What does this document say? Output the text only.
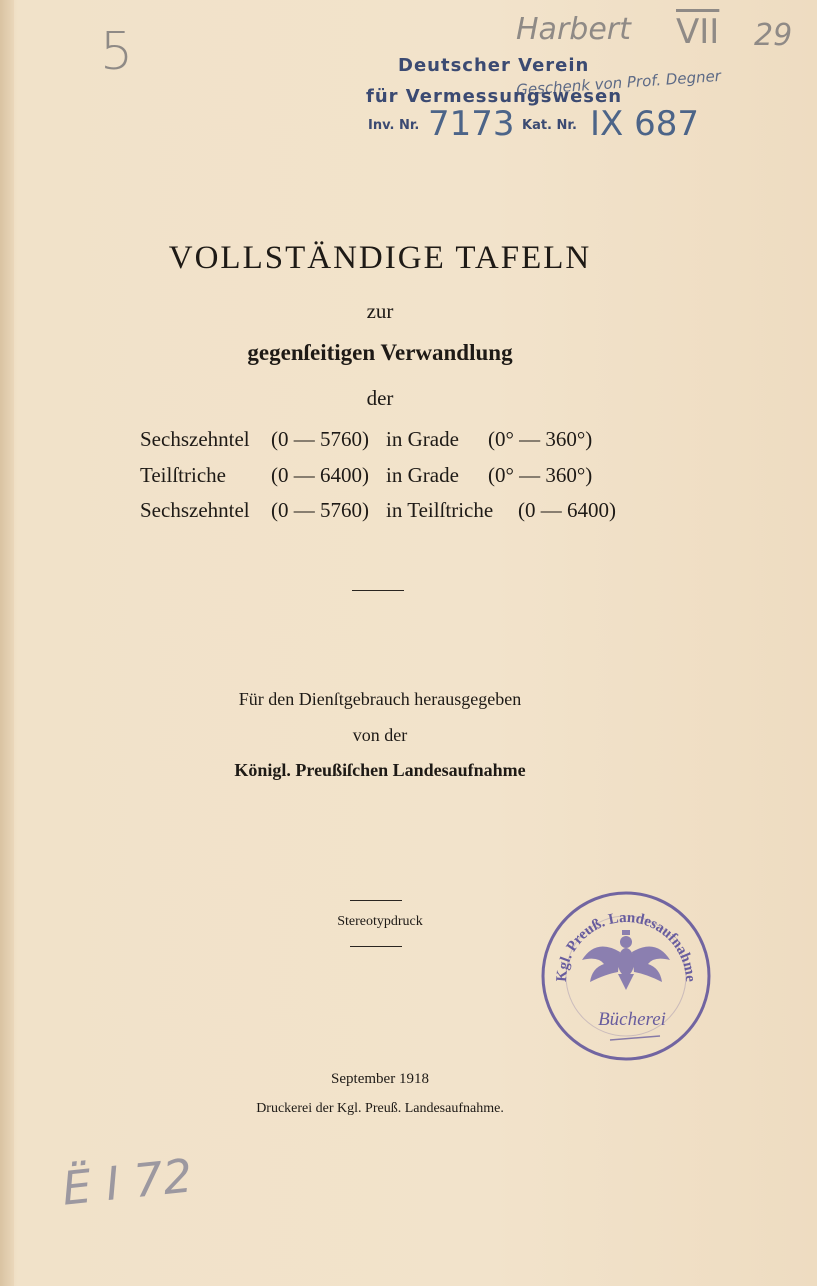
5	Harbert $\overline{VII}$ 29
Geschenk von Prof. Degner
Ë I 72
Deutscher Verein
für Vermessungswesen
Inv. Nr. 7173 Kat. Nr. IX 687
VOLLSTÄNDIGE TAFELN
zur
gegenſeitigen Verwandlung
der
Sechszehntel (0 — 5760) in Grade (0° — 360°)
Teilſtriche (0 — 6400) in Grade (0° — 360°)
Sechszehntel (0 — 5760) in Teilſtriche (0 — 6400)
Für den Dienſtgebrauch herausgegeben
von der
Königl. Preußiſchen Landesaufnahme
Stereotypdruck
Kgl. Preuß. Landesaufnahme
Bücherei
September 1918
Druckerei der Kgl. Preuß. Landesaufnahme.
